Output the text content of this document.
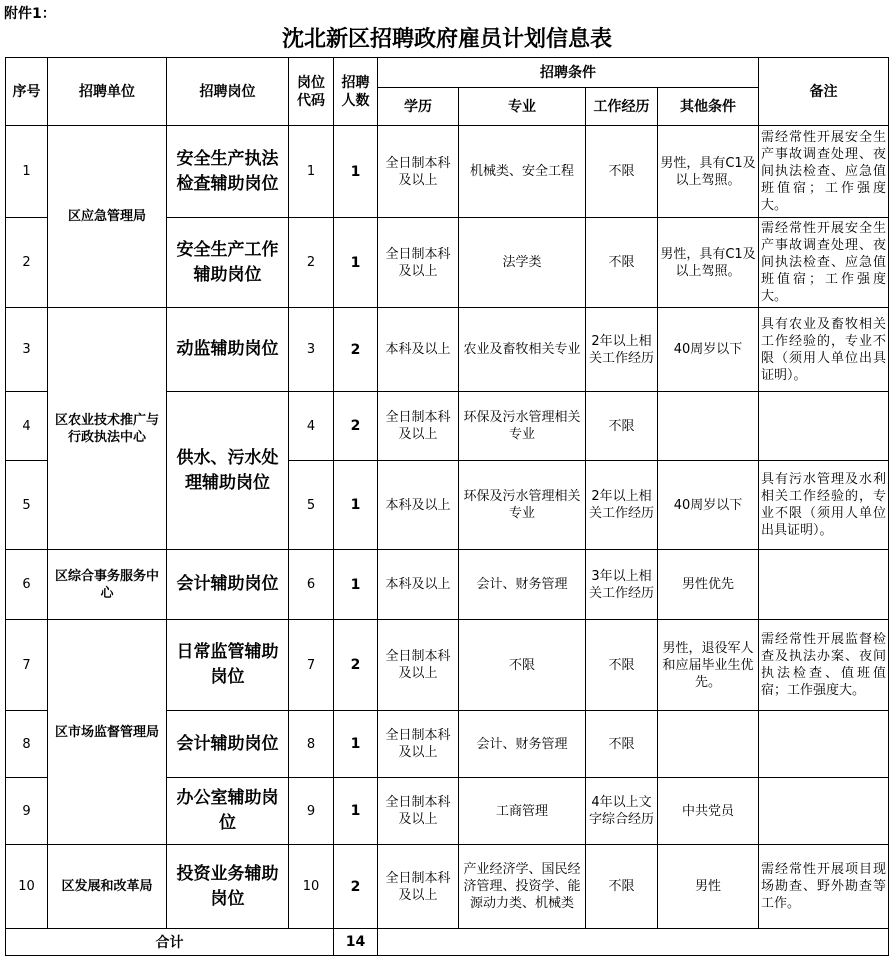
附件1：
沈北新区招聘政府雇员计划信息表
序号	招聘单位	招聘岗位	岗位代码	招聘人数	招聘条件				备注
					学历	专业	工作经历	其他条件	
1	区应急管理局	安全生产执法检查辅助岗位	1	1	全日制本科及以上	机械类、安全工程	不限	男性，具有C1及以上驾照。	需经常性开展安全生产事故调查处理、夜间执法检查、应急值班值宿；工作强度大。
2		安全生产工作辅助岗位	2	1	全日制本科及以上	法学类	不限	男性，具有C1及以上驾照。	需经常性开展安全生产事故调查处理、夜间执法检查、应急值班值宿；工作强度大。
3	区农业技术推广与行政执法中心	动监辅助岗位	3	2	本科及以上	农业及畜牧相关专业	2年以上相关工作经历	40周岁以下	具有农业及畜牧相关工作经验的，专业不限（须用人单位出具证明）。
4		供水、污水处理辅助岗位	4	2	全日制本科及以上	环保及污水管理相关专业	不限		
5			5	1	本科及以上	环保及污水管理相关专业	2年以上相关工作经历	40周岁以下	具有污水管理及水利相关工作经验的，专业不限（须用人单位出具证明）。
6	区综合事务服务中心	会计辅助岗位	6	1	本科及以上	会计、财务管理	3年以上相关工作经历	男性优先	
7	区市场监督管理局	日常监管辅助岗位	7	2	全日制本科及以上	不限	不限	男性，退役军人和应届毕业生优先。	需经常性开展监督检查及执法办案、夜间执法检查、值班值宿；工作强度大。
8		会计辅助岗位	8	1	全日制本科及以上	会计、财务管理	不限		
9		办公室辅助岗位	9	1	全日制本科及以上	工商管理	4年以上文字综合经历	中共党员	
10	区发展和改革局	投资业务辅助岗位	10	2	全日制本科及以上	产业经济学、国民经济管理、投资学、能源动力类、机械类	不限	男性	需经常性开展项目现场勘查、野外勘查等工作。
合计				14					
